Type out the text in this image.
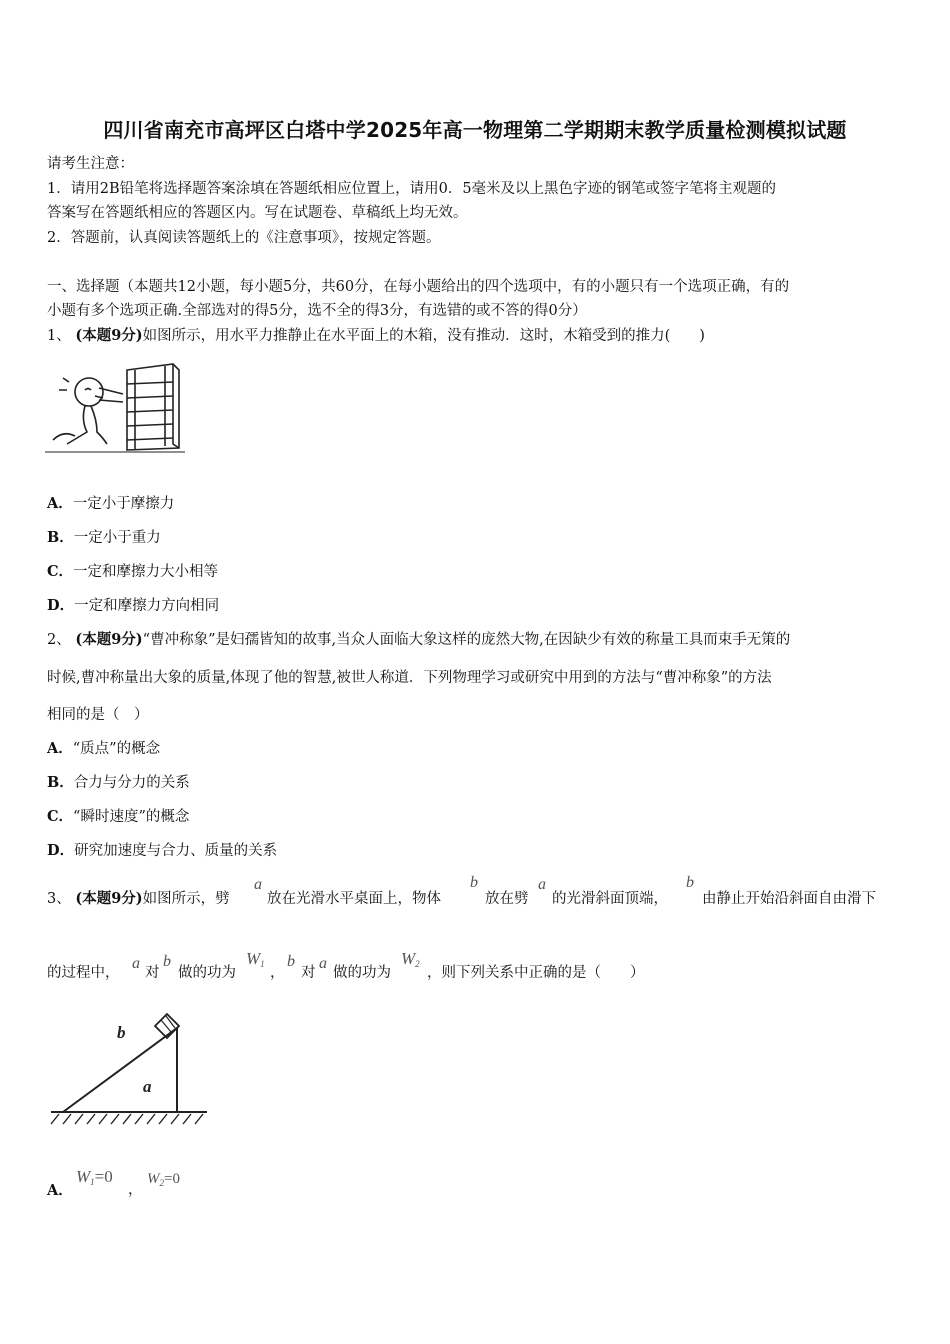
四川省南充市高坪区白塔中学2025年高一物理第二学期期末教学质量检测模拟试题
请考生注意：
1．请用2B铅笔将选择题答案涂填在答题纸相应位置上，请用0．5毫米及以上黑色字迹的钢笔或签字笔将主观题的
答案写在答题纸相应的答题区内。写在试题卷、草稿纸上均无效。
2．答题前，认真阅读答题纸上的《注意事项》，按规定答题。
一、选择题（本题共12小题，每小题5分，共60分，在每小题给出的四个选项中，有的小题只有一个选项正确，有的
小题有多个选项正确.全部选对的得5分，选不全的得3分，有选错的或不答的得0分）
1、 (本题9分)如图所示，用水平力推静止在水平面上的木箱，没有推动．这时，木箱受到的推力(　　)
A．一定小于摩擦力
B．一定小于重力
C．一定和摩擦力大小相等
D．一定和摩擦力方向相同
2、 (本题9分)“曹冲称象”是妇孺皆知的故事,当众人面临大象这样的庞然大物,在因缺少有效的称量工具而束手无策的
时候,曹冲称量出大象的质量,体现了他的智慧,被世人称道．下列物理学习或研究中用到的方法与“曹冲称象”的方法
相同的是（　）
A．“质点”的概念
B．合力与分力的关系
C．“瞬时速度”的概念
D．研究加速度与合力、质量的关系
3、 (本题9分)如图所示，劈
a
放在光滑水平桌面上，物体
b
放在劈
a
的光滑斜面顶端，
b
由静止开始沿斜面自由滑下
的过程中，
a
对
b
做的功为
$W_1$
，
b
对
a
做的功为
$W_2$
，则下列关系中正确的是（　　）
b
a
A．
$W_1=0$
，
$W_2=0$
